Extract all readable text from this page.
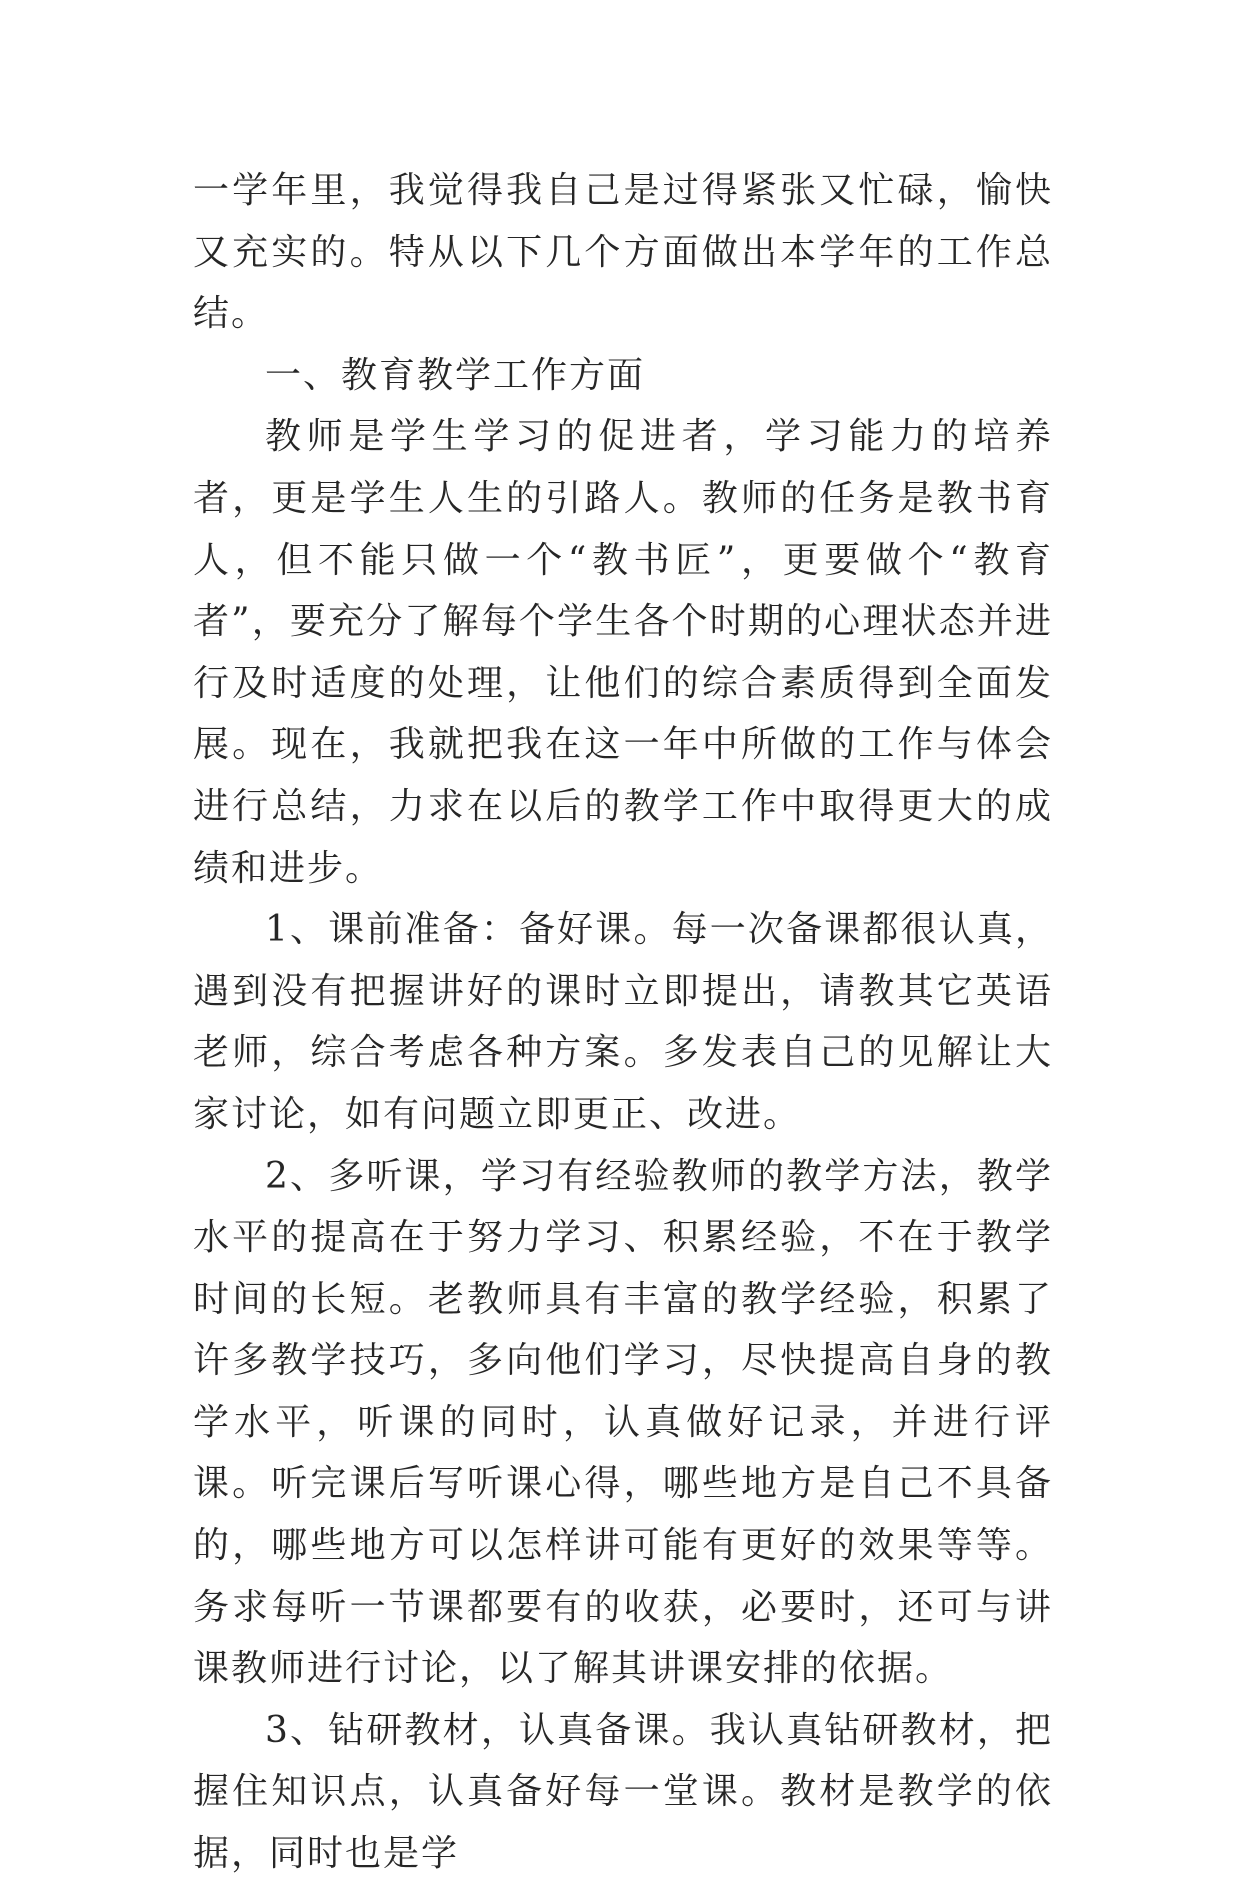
一学年里，我觉得我自己是过得紧张又忙碌，愉快又充实的。特从以下几个方面做出本学年的工作总结。

一、教育教学工作方面

教师是学生学习的促进者，学习能力的培养者，更是学生人生的引路人。教师的任务是教书育人，但不能只做一个“教书匠”，更要做个“教育者”，要充分了解每个学生各个时期的心理状态并进行及时适度的处理，让他们的综合素质得到全面发展。现在，我就把我在这一年中所做的工作与体会进行总结，力求在以后的教学工作中取得更大的成绩和进步。

1、课前准备：备好课。每一次备课都很认真，遇到没有把握讲好的课时立即提出，请教其它英语老师，综合考虑各种方案。多发表自己的见解让大家讨论，如有问题立即更正、改进。

2、多听课，学习有经验教师的教学方法，教学水平的提高在于努力学习、积累经验，不在于教学时间的长短。老教师具有丰富的教学经验，积累了许多教学技巧，多向他们学习，尽快提高自身的教学水平，听课的同时，认真做好记录，并进行评课。听完课后写听课心得，哪些地方是自己不具备的，哪些地方可以怎样讲可能有更好的效果等等。务求每听一节课都要有的收获，必要时，还可与讲课教师进行讨论，以了解其讲课安排的依据。

3、钻研教材，认真备课。我认真钻研教材，把握住知识点，认真备好每一堂课。教材是教学的依据，同时也是学
